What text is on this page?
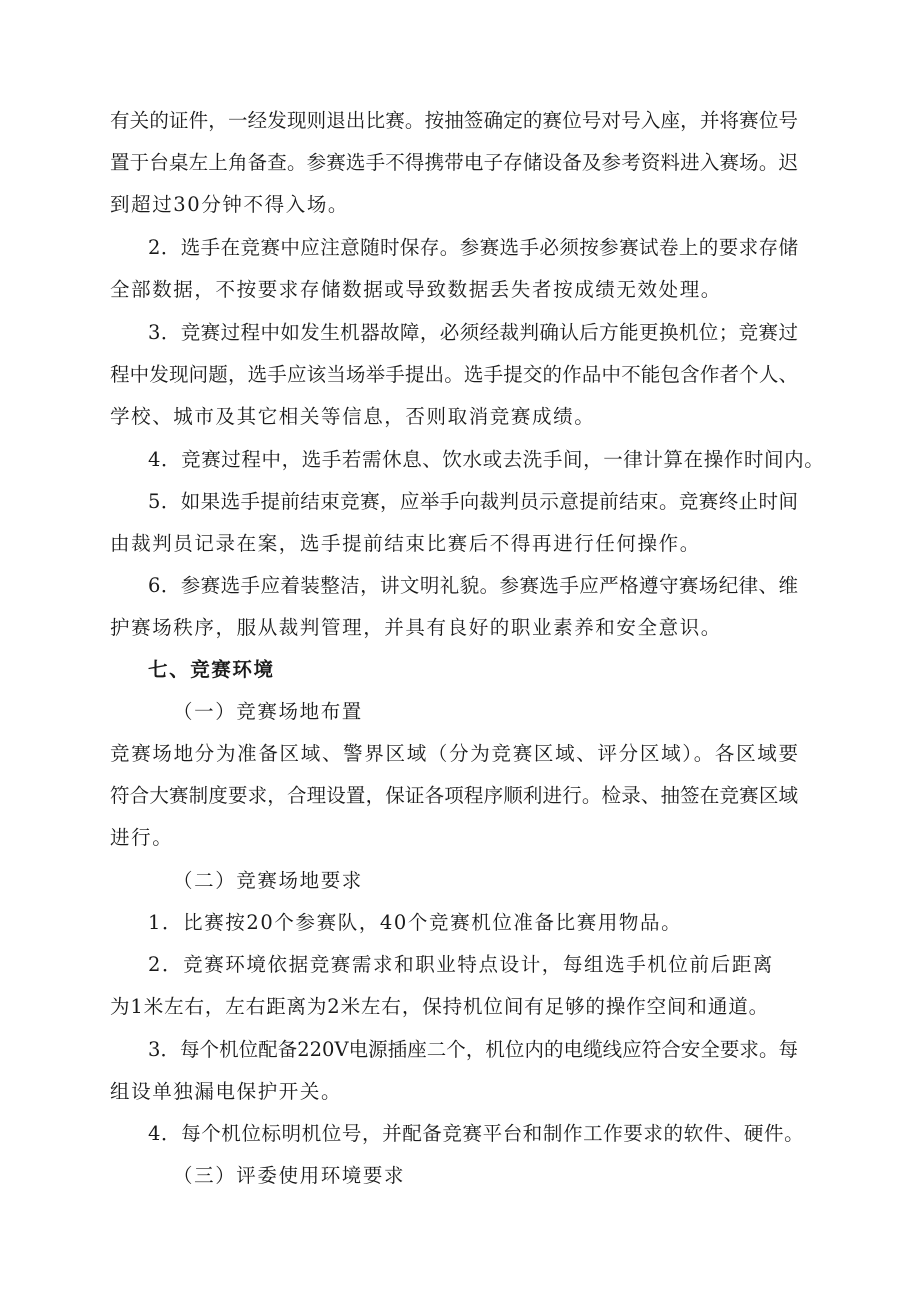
有关的证件，一经发现则退出比赛。按抽签确定的赛位号对号入座，并将赛位号
置于台桌左上角备查。参赛选手不得携带电子存储设备及参考资料进入赛场。迟
到超过30分钟不得入场。
2．选手在竞赛中应注意随时保存。参赛选手必须按参赛试卷上的要求存储
全部数据，不按要求存储数据或导致数据丢失者按成绩无效处理。
3．竞赛过程中如发生机器故障，必须经裁判确认后方能更换机位；竞赛过
程中发现问题，选手应该当场举手提出。选手提交的作品中不能包含作者个人、
学校、城市及其它相关等信息，否则取消竞赛成绩。
4．竞赛过程中，选手若需休息、饮水或去洗手间，一律计算在操作时间内。
5．如果选手提前结束竞赛，应举手向裁判员示意提前结束。竞赛终止时间
由裁判员记录在案，选手提前结束比赛后不得再进行任何操作。
6．参赛选手应着装整洁，讲文明礼貌。参赛选手应严格遵守赛场纪律、维
护赛场秩序，服从裁判管理，并具有良好的职业素养和安全意识。
七、竞赛环境
（一）竞赛场地布置
竞赛场地分为准备区域、警界区域（分为竞赛区域、评分区域）。各区域要
符合大赛制度要求，合理设置，保证各项程序顺利进行。检录、抽签在竞赛区域
进行。
（二）竞赛场地要求
1．比赛按20个参赛队，40个竞赛机位准备比赛用物品。
2．竞赛环境依据竞赛需求和职业特点设计，每组选手机位前后距离
为1米左右，左右距离为2米左右，保持机位间有足够的操作空间和通道。
3．每个机位配备220V电源插座二个，机位内的电缆线应符合安全要求。每
组设单独漏电保护开关。
4．每个机位标明机位号，并配备竞赛平台和制作工作要求的软件、硬件。
（三）评委使用环境要求
